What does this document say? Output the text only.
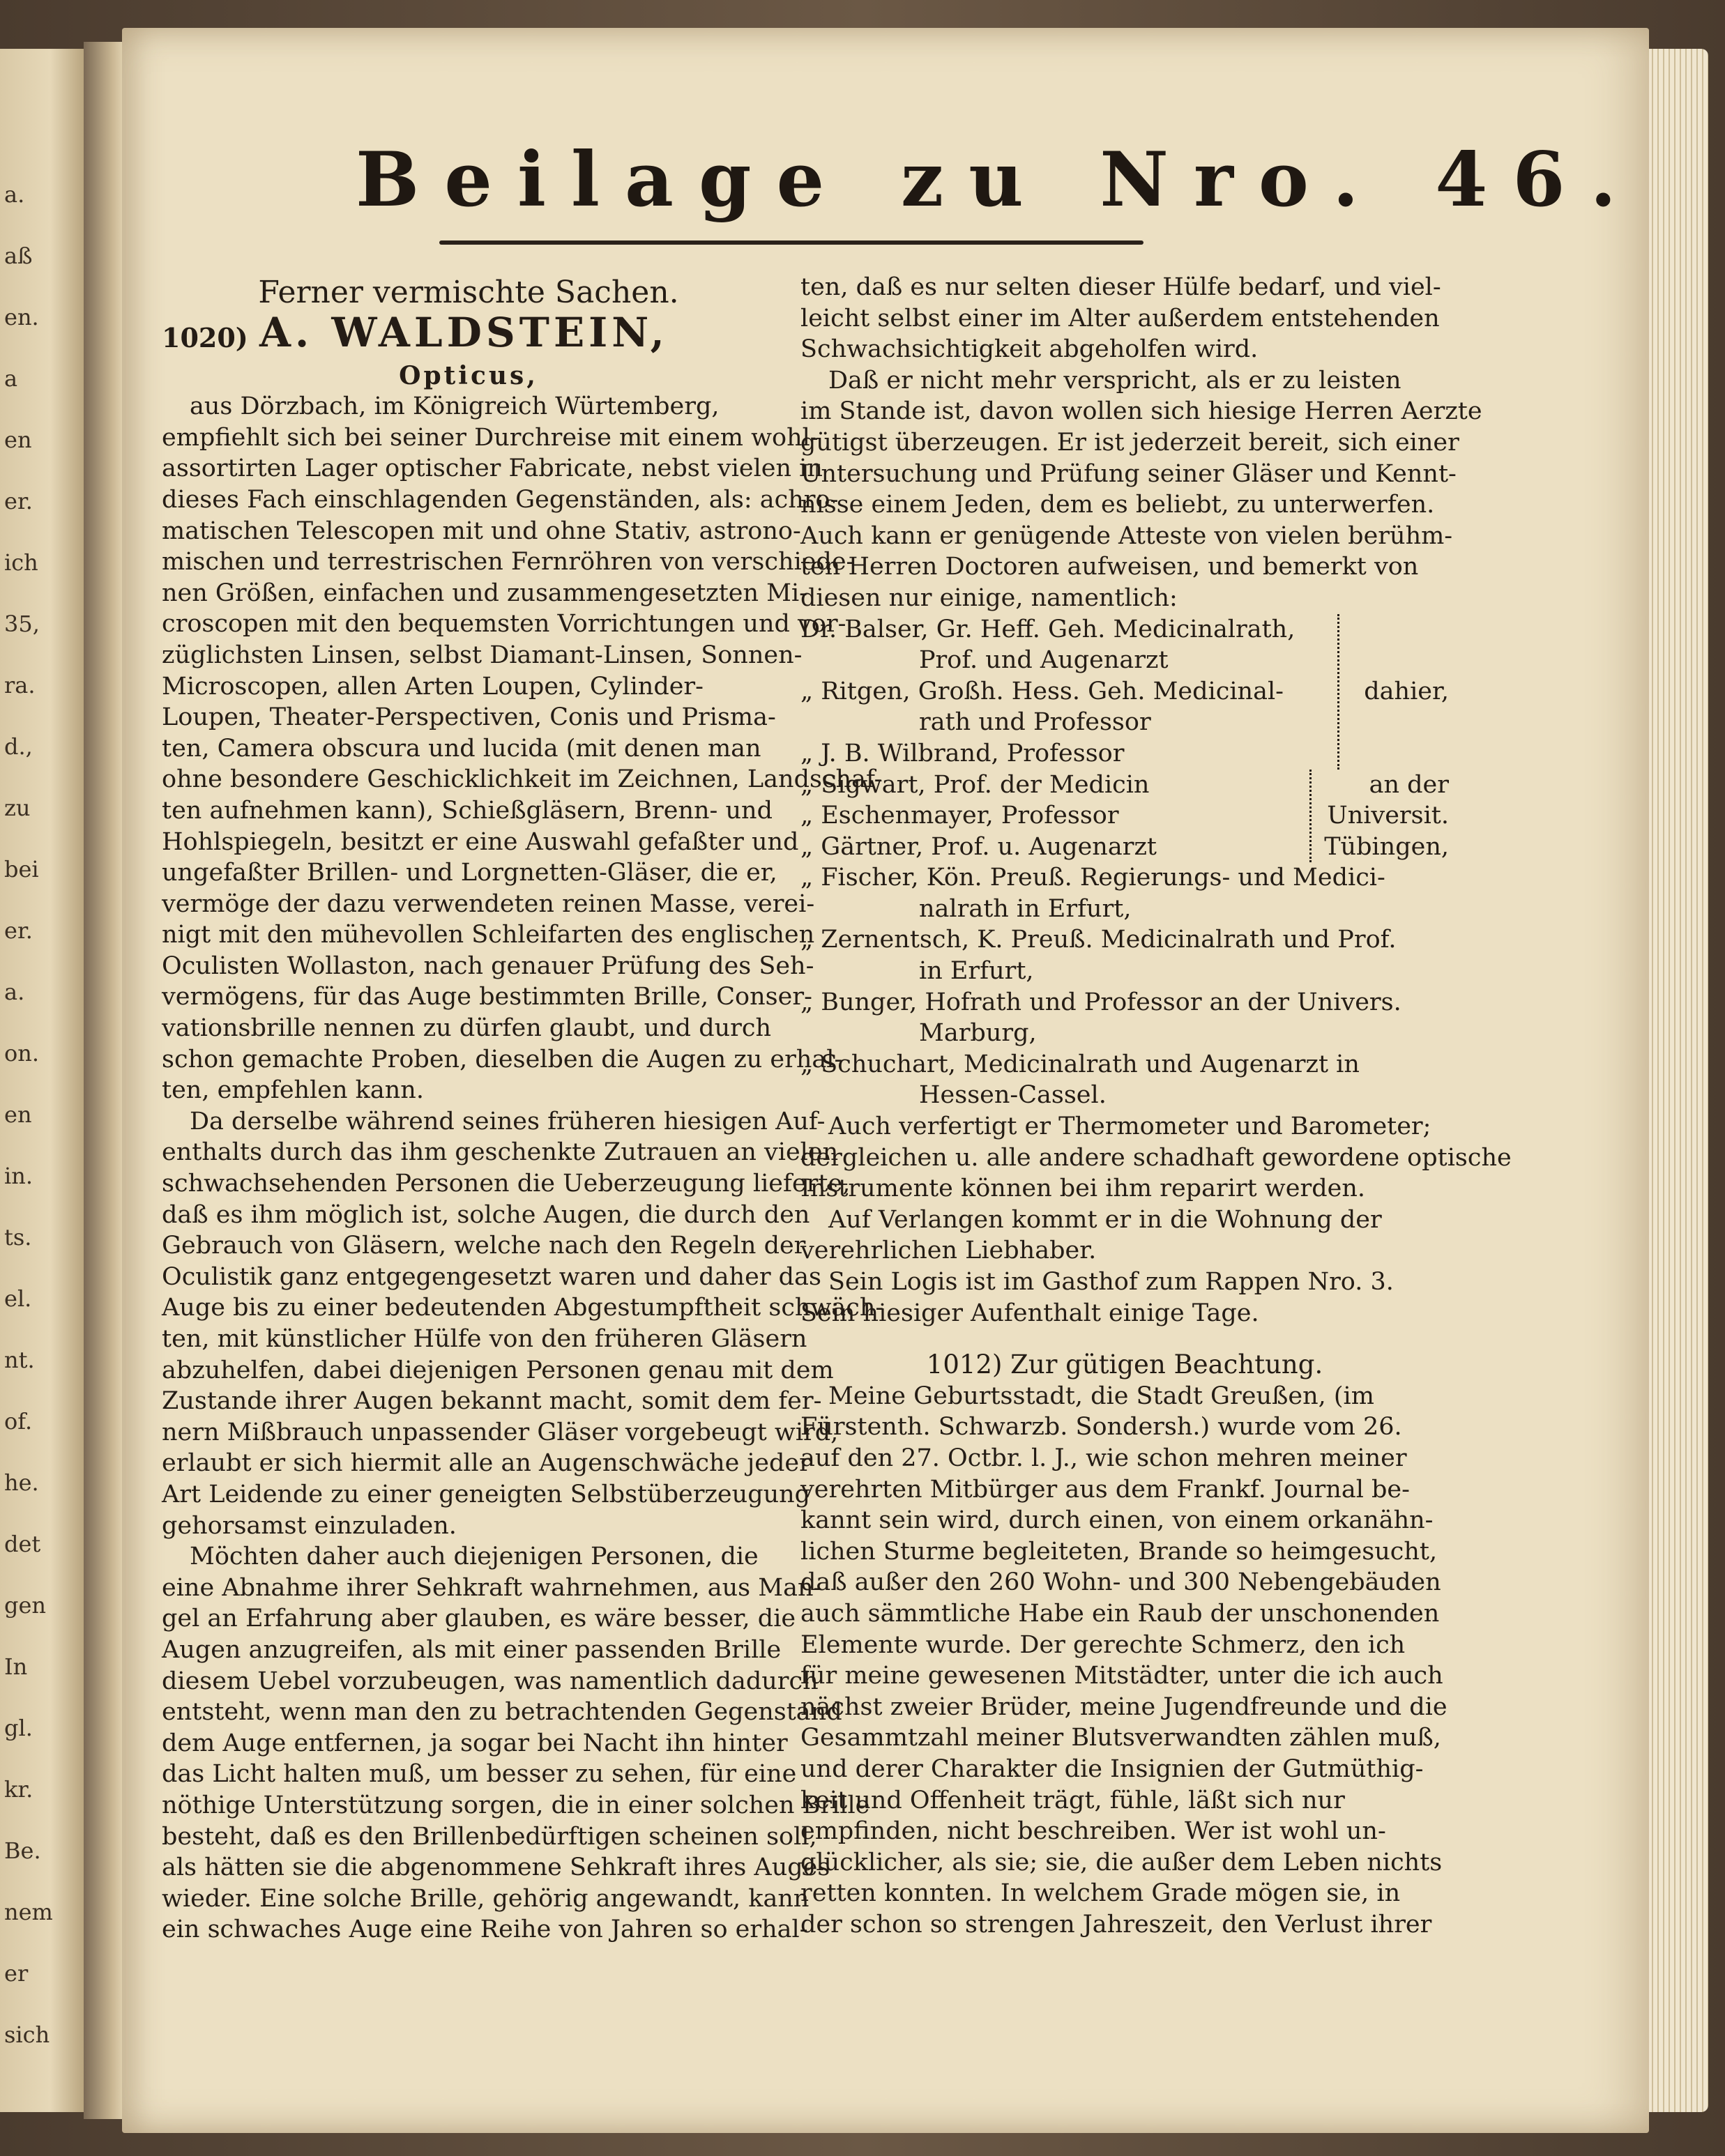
a.
aß
en.
a
en
er.
ich
35,
ra.
d.,
zu
bei
er.
a.
on.
en
in.
ts.
el.
nt.
of.
he.
det
gen
In
gl.
kr.
Be.
nem
er
sich
Beilage zu Nro. 46.
Ferner vermischte Sachen.
1020) A. WALDSTEIN,
Opticus,
aus Dörzbach, im Königreich Würtemberg,
empfiehlt sich bei seiner Durchreise mit einem wohl-
assortirten Lager optischer Fabricate, nebst vielen in
dieses Fach einschlagenden Gegenständen, als: achro-
matischen Telescopen mit und ohne Stativ, astrono-
mischen und terrestrischen Fernröhren von verschiede-
nen Größen, einfachen und zusammengesetzten Mi-
croscopen mit den bequemsten Vorrichtungen und vor-
züglichsten Linsen, selbst Diamant-Linsen, Sonnen-
Microscopen, allen Arten Loupen, Cylinder-
Loupen, Theater-Perspectiven, Conis und Prisma-
ten, Camera obscura und lucida (mit denen man
ohne besondere Geschicklichkeit im Zeichnen, Landschaf-
ten aufnehmen kann), Schießgläsern, Brenn- und
Hohlspiegeln, besitzt er eine Auswahl gefaßter und
ungefaßter Brillen- und Lorgnetten-Gläser, die er,
vermöge der dazu verwendeten reinen Masse, verei-
nigt mit den mühevollen Schleifarten des englischen
Oculisten Wollaston, nach genauer Prüfung des Seh-
vermögens, für das Auge bestimmten Brille, Conser-
vationsbrille nennen zu dürfen glaubt, und durch
schon gemachte Proben, dieselben die Augen zu erhal-
ten, empfehlen kann.
Da derselbe während seines früheren hiesigen Auf-
enthalts durch das ihm geschenkte Zutrauen an vielen
schwachsehenden Personen die Ueberzeugung lieferte,
daß es ihm möglich ist, solche Augen, die durch den
Gebrauch von Gläsern, welche nach den Regeln der
Oculistik ganz entgegengesetzt waren und daher das
Auge bis zu einer bedeutenden Abgestumpftheit schwäch-
ten, mit künstlicher Hülfe von den früheren Gläsern
abzuhelfen, dabei diejenigen Personen genau mit dem
Zustande ihrer Augen bekannt macht, somit dem fer-
nern Mißbrauch unpassender Gläser vorgebeugt wird,
erlaubt er sich hiermit alle an Augenschwäche jeder
Art Leidende zu einer geneigten Selbstüberzeugung
gehorsamst einzuladen.
Möchten daher auch diejenigen Personen, die
eine Abnahme ihrer Sehkraft wahrnehmen, aus Man-
gel an Erfahrung aber glauben, es wäre besser, die
Augen anzugreifen, als mit einer passenden Brille
diesem Uebel vorzubeugen, was namentlich dadurch
entsteht, wenn man den zu betrachtenden Gegenstand
dem Auge entfernen, ja sogar bei Nacht ihn hinter
das Licht halten muß, um besser zu sehen, für eine
nöthige Unterstützung sorgen, die in einer solchen Brille
besteht, daß es den Brillenbedürftigen scheinen soll,
als hätten sie die abgenommene Sehkraft ihres Auges
wieder. Eine solche Brille, gehörig angewandt, kann
ein schwaches Auge eine Reihe von Jahren so erhal-
ten, daß es nur selten dieser Hülfe bedarf, und viel-
leicht selbst einer im Alter außerdem entstehenden
Schwachsichtigkeit abgeholfen wird.
Daß er nicht mehr verspricht, als er zu leisten
im Stande ist, davon wollen sich hiesige Herren Aerzte
gütigst überzeugen. Er ist jederzeit bereit, sich einer
Untersuchung und Prüfung seiner Gläser und Kennt-
nisse einem Jeden, dem es beliebt, zu unterwerfen.
Auch kann er genügende Atteste von vielen berühm-
ten Herren Doctoren aufweisen, und bemerkt von
diesen nur einige, namentlich:
Dr. Balser, Gr. Heff. Geh. Medicinalrath,
Prof. und Augenarzt
„ Ritgen, Großh. Hess. Geh. Medicinal-	dahier,
rath und Professor
„ J. B. Wilbrand, Professor
„ Sigwart, Prof. der Medicin	an der
„ Eschenmayer, Professor	Universit.
„ Gärtner, Prof. u. Augenarzt	Tübingen,
„ Fischer, Kön. Preuß. Regierungs- und Medici-
nalrath in Erfurt,
„ Zernentsch, K. Preuß. Medicinalrath und Prof.
in Erfurt,
„ Bunger, Hofrath und Professor an der Univers.
Marburg,
„ Schuchart, Medicinalrath und Augenarzt in
Hessen-Cassel.
Auch verfertigt er Thermometer und Barometer;
dergleichen u. alle andere schadhaft gewordene optische
Instrumente können bei ihm reparirt werden.
Auf Verlangen kommt er in die Wohnung der
verehrlichen Liebhaber.
Sein Logis ist im Gasthof zum Rappen Nro. 3.
Sein hiesiger Aufenthalt einige Tage.
1012) Zur gütigen Beachtung.
Meine Geburtsstadt, die Stadt Greußen, (im
Fürstenth. Schwarzb. Sondersh.) wurde vom 26.
auf den 27. Octbr. l. J., wie schon mehren meiner
verehrten Mitbürger aus dem Frankf. Journal be-
kannt sein wird, durch einen, von einem orkanähn-
lichen Sturme begleiteten, Brande so heimgesucht,
daß außer den 260 Wohn- und 300 Nebengebäuden
auch sämmtliche Habe ein Raub der unschonenden
Elemente wurde. Der gerechte Schmerz, den ich
für meine gewesenen Mitstädter, unter die ich auch
nächst zweier Brüder, meine Jugendfreunde und die
Gesammtzahl meiner Blutsverwandten zählen muß,
und derer Charakter die Insignien der Gutmüthig-
keit und Offenheit trägt, fühle, läßt sich nur
empfinden, nicht beschreiben. Wer ist wohl un-
glücklicher, als sie; sie, die außer dem Leben nichts
retten konnten. In welchem Grade mögen sie, in
der schon so strengen Jahreszeit, den Verlust ihrer
